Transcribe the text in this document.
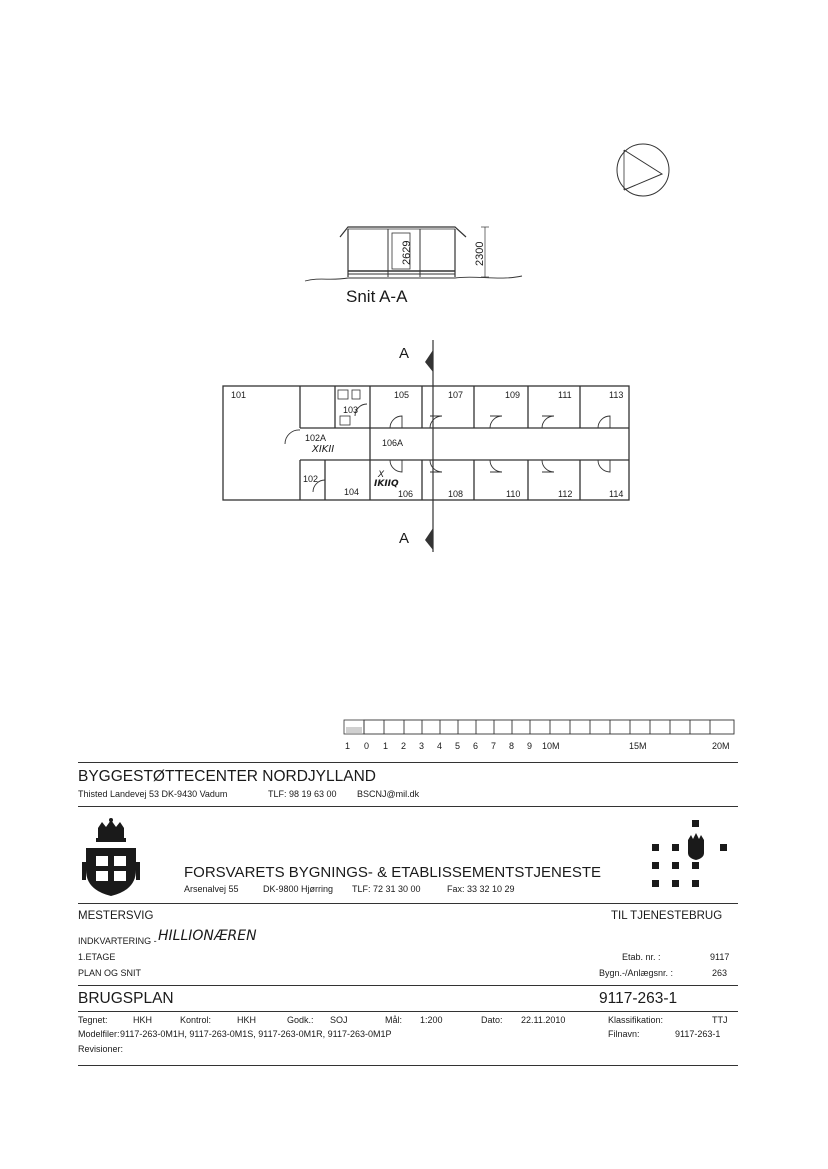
2629	2300
Snit A-A
A
A
101	105	107	109	111	113
103
102A	106A
102
104	106	108	110	112	114
XIKII
X
IKIIQ
1 0 1 2 3 4 5 6 7 8 9 10M	15M	20M
BYGGESTØTTECENTER NORDJYLLAND
Thisted Landevej 53 DK-9430 Vadum	TLF: 98 19 63 00 BSCNJ@mil.dk
FORSVARETS BYGNINGS- & ETABLISSEMENTSTJENESTE
Arsenalvej 55	DK-9800 Hjørring TLF: 72 31 30 00	Fax: 33 32 10 29
MESTERSVIG	TIL TJENESTEBRUG
INDKVARTERING - HILLIONÆREN
1.ETAGE
PLAN OG SNIT
Etab. nr. :	9117
Bygn.-/Anlægsnr. :	263
BRUGSPLAN	9117-263-1
Tegnet:	HKH	Kontrol:	HKH	Godk.: SOJ	Mål: 1:200	Dato: 22.11.2010	Klassifikation:	TTJ
Modelfiler: 9117-263-0M1H, 9117-263-0M1S, 9117-263-0M1R, 9117-263-0M1P	Filnavn:	9117-263-1
Revisioner:
